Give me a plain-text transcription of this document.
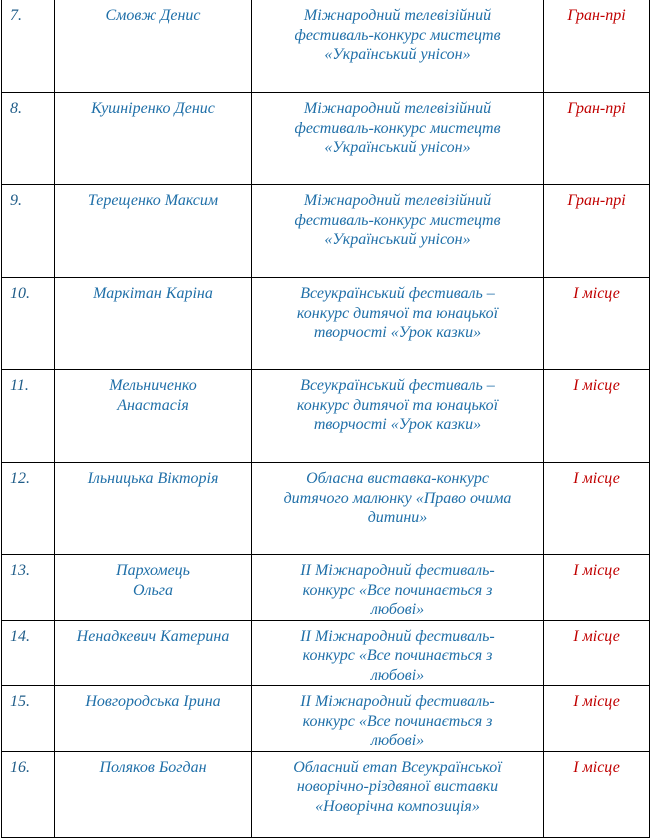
7.	Смовж Денис	Міжнародний телевізійний
фестиваль-конкурс мистецтв
«Український унісон»	Гран-прі
8.	Кушніренко Денис	Міжнародний телевізійний
фестиваль-конкурс мистецтв
«Український унісон»	Гран-прі
9.	Терещенко Максим	Міжнародний телевізійний
фестиваль-конкурс мистецтв
«Український унісон»	Гран-прі
10.	Маркітан Каріна	Всеукраїнський фестиваль –
конкурс дитячої та юнацької
творчості «Урок казки»	І місце
11.	Мельниченко
Анастасія	Всеукраїнський фестиваль –
конкурс дитячої та юнацької
творчості «Урок казки»	І місце
12.	Ільницька Вікторія	Обласна виставка-конкурс
дитячого малюнку «Право очима
дитини»	І місце
13.	Пархомець
Ольга	ІІ Міжнародний фестиваль-
конкурс «Все починається з
любові»	І місце
14.	Ненадкевич Катерина	ІІ Міжнародний фестиваль-
конкурс «Все починається з
любові»	І місце
15.	Новгородська Ірина	ІІ Міжнародний фестиваль-
конкурс «Все починається з
любові»	І місце
16.	Поляков Богдан	Обласний етап Всеукраїнської
новорічно-різдвяної виставки
«Новорічна композиція»	І місце
